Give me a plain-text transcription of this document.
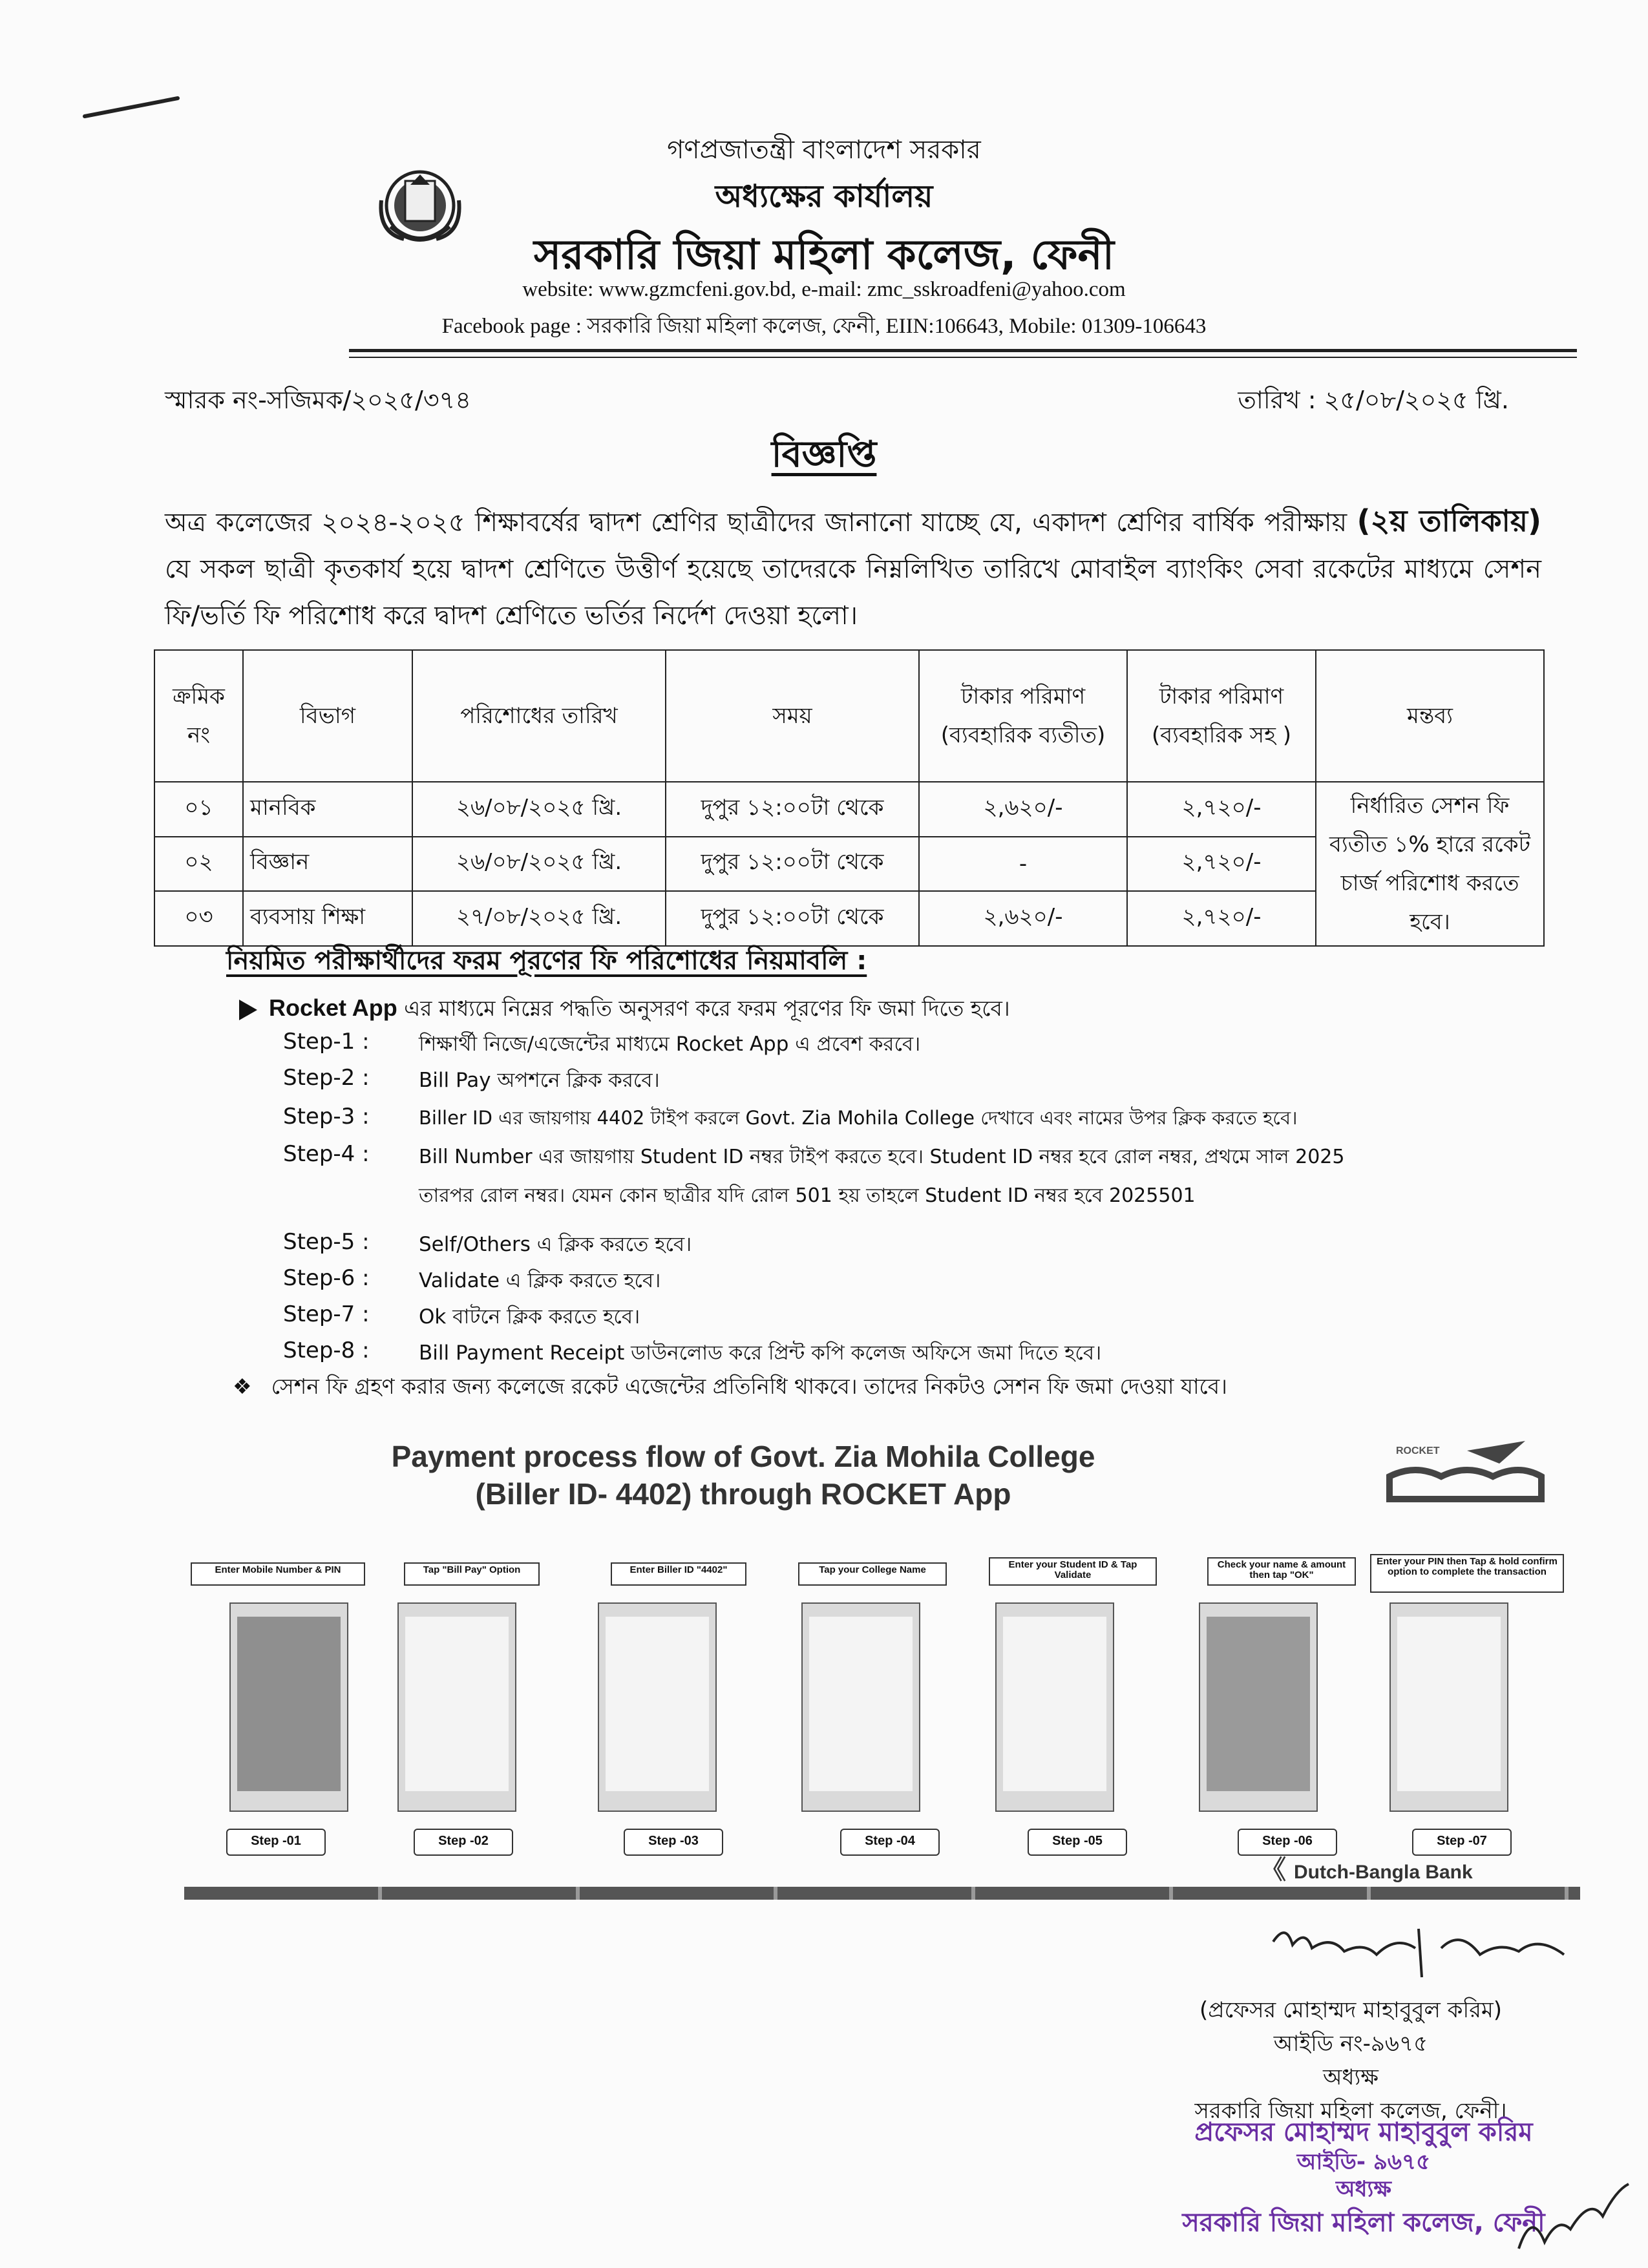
গণপ্রজাতন্ত্রী বাংলাদেশ সরকার
অধ্যক্ষের কার্যালয়
সরকারি জিয়া মহিলা কলেজ, ফেনী
website: www.gzmcfeni.gov.bd, e-mail: zmc_sskroadfeni@yahoo.com
Facebook page : সরকারি জিয়া মহিলা কলেজ, ফেনী, EIIN:106643, Mobile: 01309-106643
স্মারক নং-সজিমক/২০২৫/৩৭৪	তারিখ : ২৫/০৮/২০২৫ খ্রি.
বিজ্ঞপ্তি
অত্র কলেজের ২০২৪-২০২৫ শিক্ষাবর্ষের দ্বাদশ শ্রেণির ছাত্রীদের জানানো যাচ্ছে যে, একাদশ শ্রেণির বার্ষিক পরীক্ষায় (২য় তালিকায়) যে সকল ছাত্রী কৃতকার্য হয়ে দ্বাদশ শ্রেণিতে উত্তীর্ণ হয়েছে তাদেরকে নিম্নলিখিত তারিখে মোবাইল ব্যাংকিং সেবা রকেটের মাধ্যমে সেশন ফি/ভর্তি ফি পরিশোধ করে দ্বাদশ শ্রেণিতে ভর্তির নির্দেশ দেওয়া হলো।
ক্রমিক নং	বিভাগ	পরিশোধের তারিখ	সময়	টাকার পরিমাণ (ব্যবহারিক ব্যতীত)	টাকার পরিমাণ (ব্যবহারিক সহ )	মন্তব্য
০১	মানবিক	২৬/০৮/২০২৫ খ্রি.	দুপুর ১২:০০টা থেকে	২,৬২০/-	২,৭২০/-	নির্ধারিত সেশন ফি ব্যতীত ১% হারে রকেট চার্জ পরিশোধ করতে হবে।
০২	বিজ্ঞান	২৬/০৮/২০২৫ খ্রি.	দুপুর ১২:০০টা থেকে	-	২,৭২০/-	
০৩	ব্যবসায় শিক্ষা	২৭/০৮/২০২৫ খ্রি.	দুপুর ১২:০০টা থেকে	২,৬২০/-	২,৭২০/-	
নিয়মিত পরীক্ষার্থীদের ফরম পূরণের ফি পরিশোধের নিয়মাবলি :
Rocket App এর মাধ্যমে নিম্নের পদ্ধতি অনুসরণ করে ফরম পূরণের ফি জমা দিতে হবে।
Step-1 : শিক্ষার্থী নিজে/এজেন্টের মাধ্যমে Rocket App এ প্রবেশ করবে।
Step-2 : Bill Pay অপশনে ক্লিক করবে।
Step-3 :	Biller ID এর জায়গায় 4402 টাইপ করলে Govt. Zia Mohila College দেখাবে এবং নামের উপর ক্লিক করতে হবে।
Step-4 :	Bill Number এর জায়গায় Student ID নম্বর টাইপ করতে হবে। Student ID নম্বর হবে রোল নম্বর, প্রথমে সাল 2025
তারপর রোল নম্বর। যেমন কোন ছাত্রীর যদি রোল 501 হয় তাহলে Student ID নম্বর হবে 2025501
Step-5 : Self/Others এ ক্লিক করতে হবে।
Step-6 : Validate এ ক্লিক করতে হবে।
Step-7 : Ok বাটনে ক্লিক করতে হবে।
Step-8 : Bill Payment Receipt ডাউনলোড করে প্রিন্ট কপি কলেজ অফিসে জমা দিতে হবে।
❖ সেশন ফি গ্রহণ করার জন্য কলেজে রকেট এজেন্টের প্রতিনিধি থাকবে। তাদের নিকটও সেশন ফি জমা দেওয়া যাবে।
Payment process flow of Govt. Zia Mohila College
(Biller ID- 4402) through ROCKET App
ROCKET
Enter Mobile Number & PIN	Tap "Bill Pay" Option	Enter Biller ID "4402"	Tap your College Name	Enter your Student ID & Tap Validate
Check your name & amount then tap "OK"
Enter your PIN then Tap & hold confirm option to complete the transaction
Step -01	Step -02	Step -03	Step -04	Step -05	Step -06	Step -07
《 Dutch-Bangla Bank
(প্রফেসর মোহাম্মদ মাহাবুবুল করিম)
আইডি নং-৯৬৭৫
অধ্যক্ষ
সরকারি জিয়া মহিলা কলেজ, ফেনী।
প্রফেসর মোহাম্মদ মাহাবুবুল করিম
আইডি- ৯৬৭৫
অধ্যক্ষ
সরকারি জিয়া মহিলা কলেজ, ফেনী
